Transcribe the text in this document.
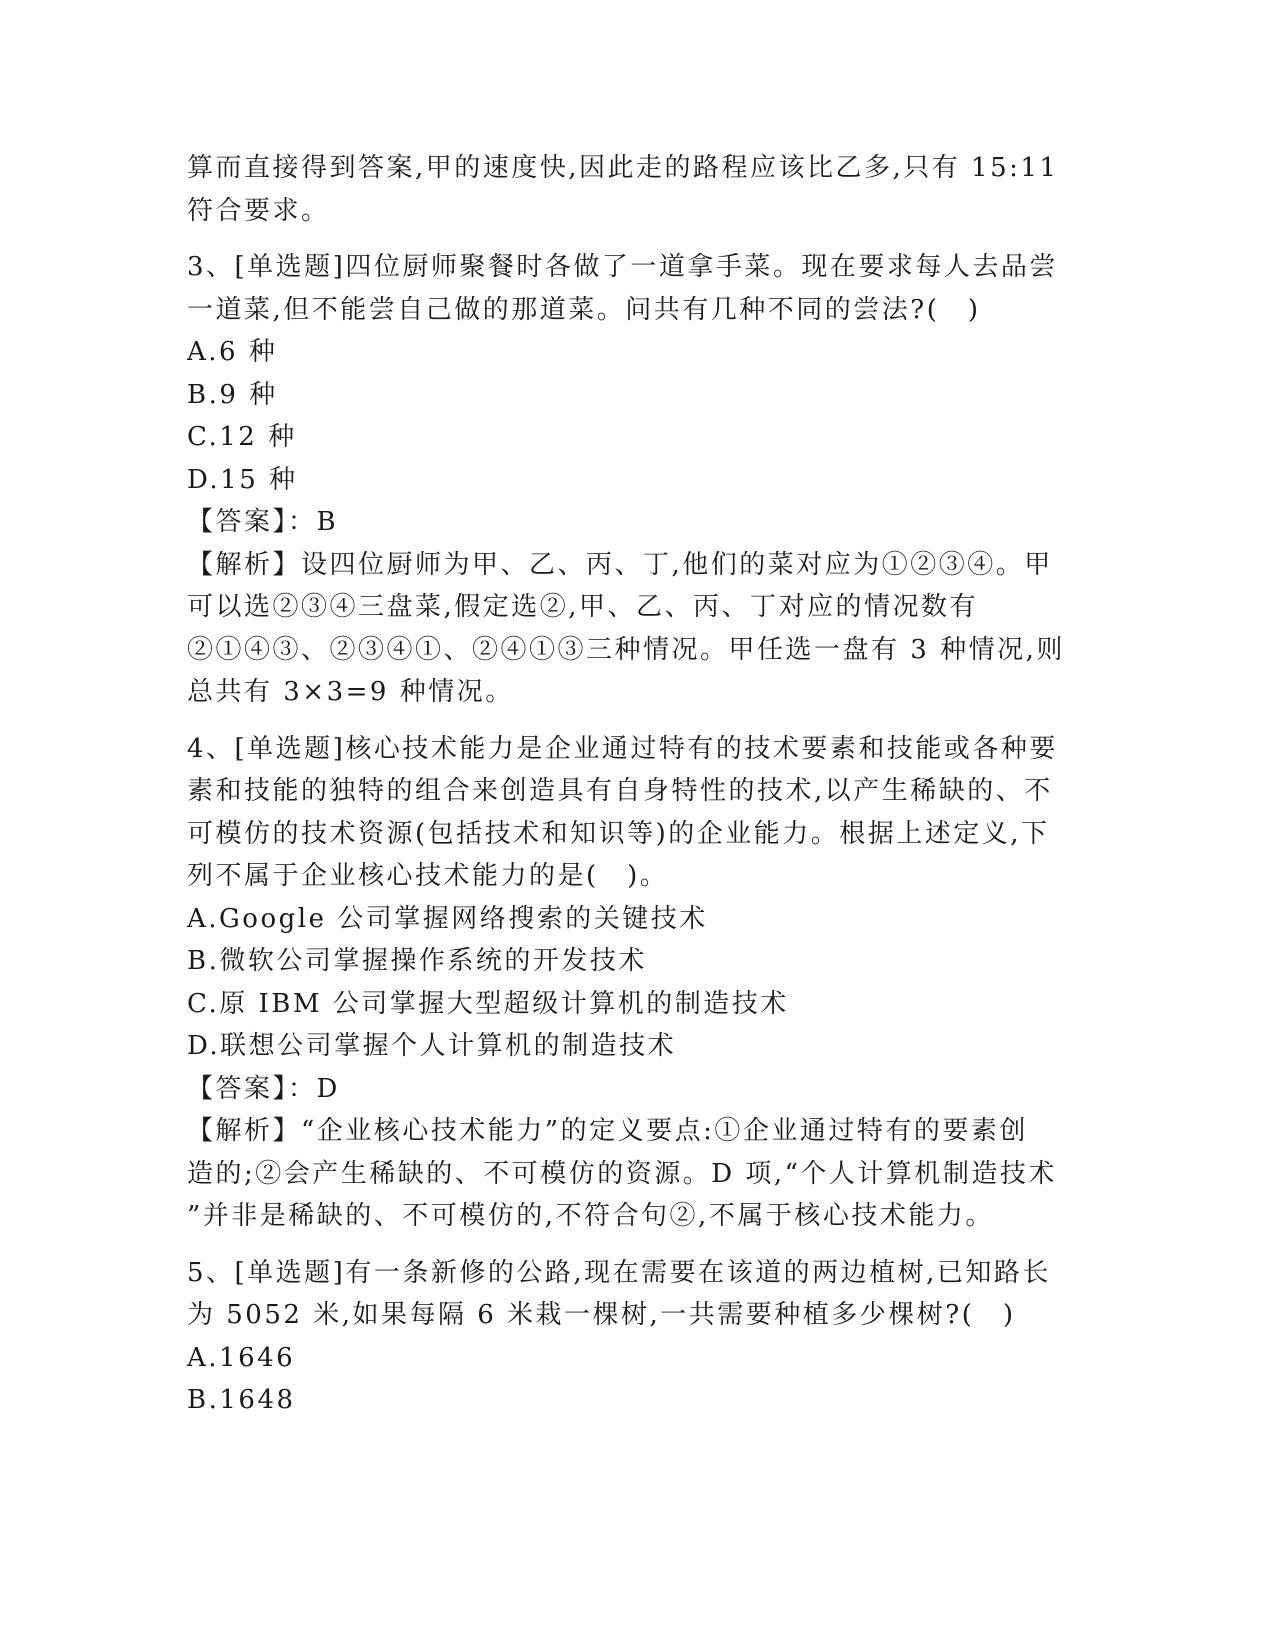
算而直接得到答案,甲的速度快,因此走的路程应该比乙多,只有 15:11
符合要求。
3、[单选题]四位厨师聚餐时各做了一道拿手菜。现在要求每人去品尝
一道菜,但不能尝自己做的那道菜。问共有几种不同的尝法?(　)
A.6 种
B.9 种
C.12 种
D.15 种
【答案】：B
【解析】设四位厨师为甲、乙、丙、丁,他们的菜对应为①②③④。甲
可以选②③④三盘菜,假定选②,甲、乙、丙、丁对应的情况数有
②①④③、②③④①、②④①③三种情况。甲任选一盘有 3 种情况,则
总共有 3×3=9 种情况。
4、[单选题]核心技术能力是企业通过特有的技术要素和技能或各种要
素和技能的独特的组合来创造具有自身特性的技术,以产生稀缺的、不
可模仿的技术资源(包括技术和知识等)的企业能力。根据上述定义,下
列不属于企业核心技术能力的是(　)。
A.Google 公司掌握网络搜索的关键技术
B.微软公司掌握操作系统的开发技术
C.原 IBM 公司掌握大型超级计算机的制造技术
D.联想公司掌握个人计算机的制造技术
【答案】：D
【解析】“企业核心技术能力”的定义要点:①企业通过特有的要素创
造的;②会产生稀缺的、不可模仿的资源。D 项,“个人计算机制造技术
”并非是稀缺的、不可模仿的,不符合句②,不属于核心技术能力。
5、[单选题]有一条新修的公路,现在需要在该道的两边植树,已知路长
为 5052 米,如果每隔 6 米栽一棵树,一共需要种植多少棵树?(　)
A.1646
B.1648
